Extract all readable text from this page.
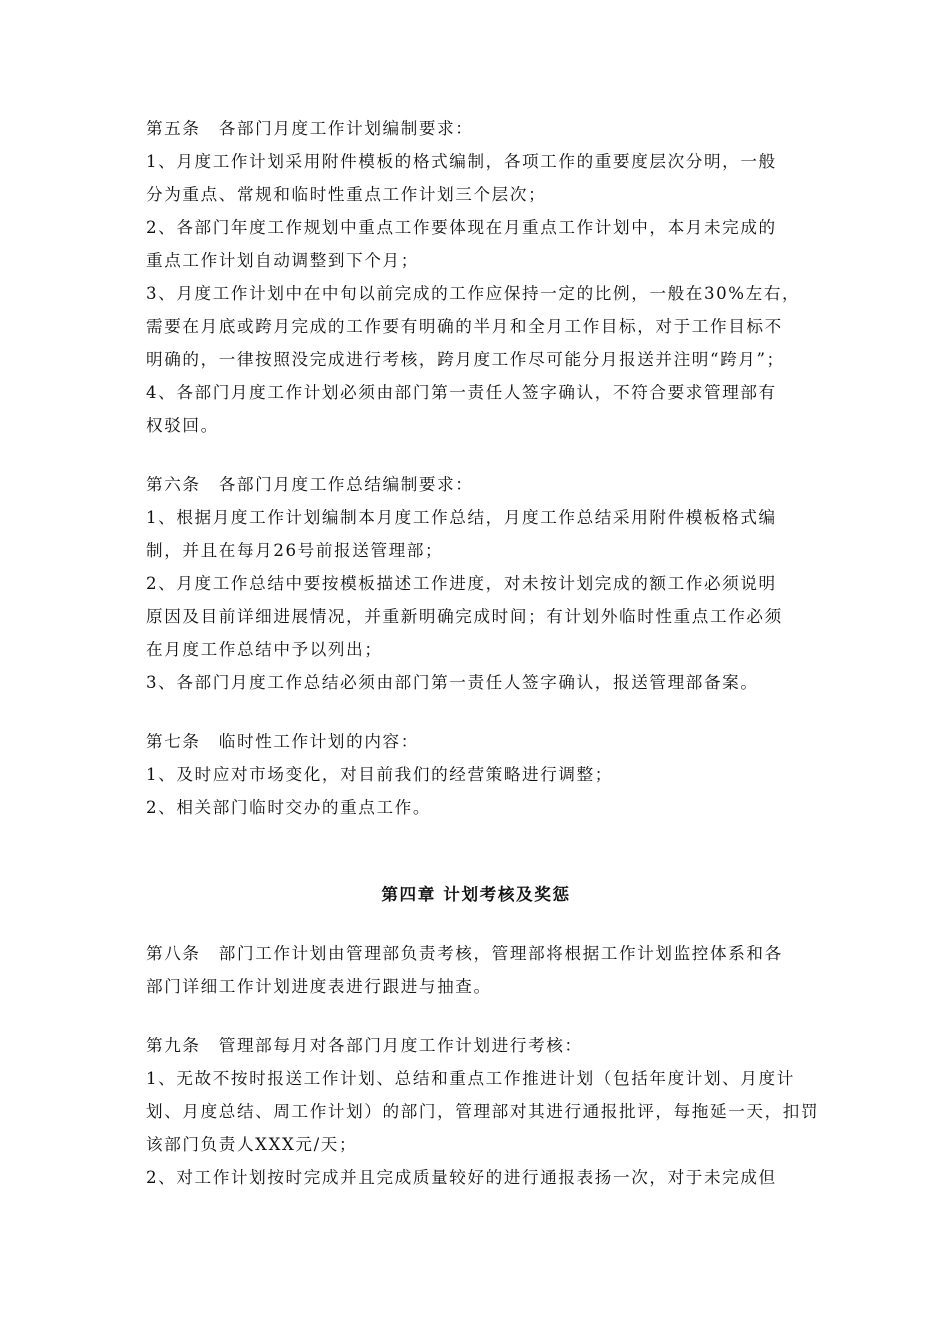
第五条　各部门月度工作计划编制要求：
1、月度工作计划采用附件模板的格式编制，各项工作的重要度层次分明，一般
分为重点、常规和临时性重点工作计划三个层次；
2、各部门年度工作规划中重点工作要体现在月重点工作计划中，本月未完成的
重点工作计划自动调整到下个月；
3、月度工作计划中在中旬以前完成的工作应保持一定的比例，一般在30%左右，
需要在月底或跨月完成的工作要有明确的半月和全月工作目标，对于工作目标不
明确的，一律按照没完成进行考核，跨月度工作尽可能分月报送并注明“跨月”；
4、各部门月度工作计划必须由部门第一责任人签字确认，不符合要求管理部有
权驳回。
第六条　各部门月度工作总结编制要求：
1、根据月度工作计划编制本月度工作总结，月度工作总结采用附件模板格式编
制，并且在每月26号前报送管理部；
2、月度工作总结中要按模板描述工作进度，对未按计划完成的额工作必须说明
原因及目前详细进展情况，并重新明确完成时间；有计划外临时性重点工作必须
在月度工作总结中予以列出；
3、各部门月度工作总结必须由部门第一责任人签字确认，报送管理部备案。
第七条　临时性工作计划的内容：
1、及时应对市场变化，对目前我们的经营策略进行调整；
2、相关部门临时交办的重点工作。
第四章 计划考核及奖惩
第八条　部门工作计划由管理部负责考核，管理部将根据工作计划监控体系和各
部门详细工作计划进度表进行跟进与抽查。
第九条　管理部每月对各部门月度工作计划进行考核：
1、无故不按时报送工作计划、总结和重点工作推进计划（包括年度计划、月度计
划、月度总结、周工作计划）的部门，管理部对其进行通报批评，每拖延一天，扣罚
该部门负责人XXX元/天；
2、对工作计划按时完成并且完成质量较好的进行通报表扬一次，对于未完成但
